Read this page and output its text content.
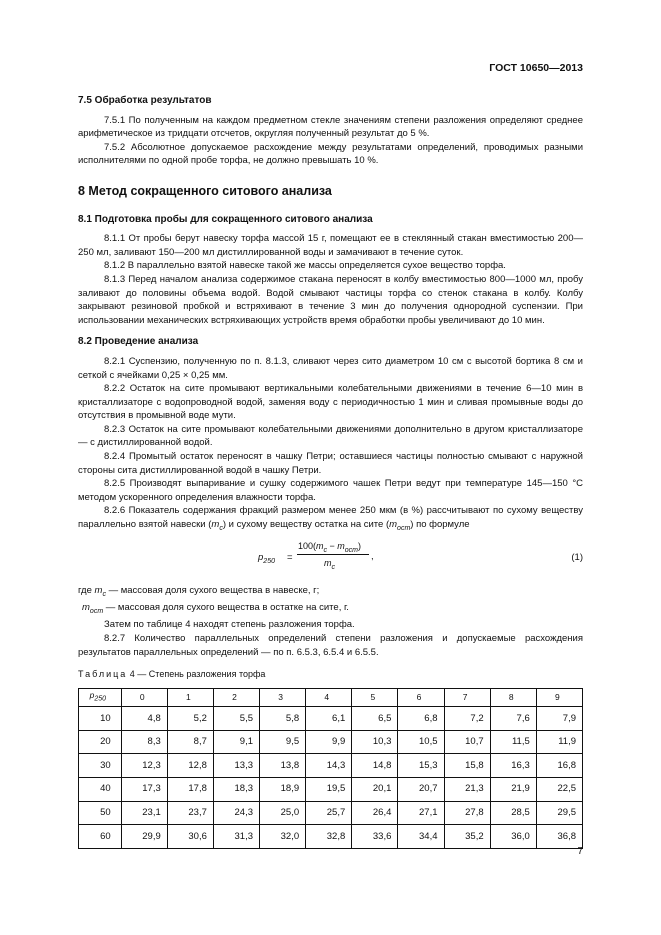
ГОСТ 10650—2013
7.5 Обработка результатов

7.5.1 По полученным на каждом предметном стекле значениям степени разложения определяют среднее арифметическое из тридцати отсчетов, округляя полученный результат до 5 %.

7.5.2 Абсолютное допускаемое расхождение между результатами определений, проводимых разными исполнителями по одной пробе торфа, не должно превышать 10 %.

8 Метод сокращенного ситового анализа
8.1 Подготовка пробы для сокращенного ситового анализа

8.1.1 От пробы берут навеску торфа массой 15 г, помещают ее в стеклянный стакан вместимостью 200—250 мл, заливают 150—200 мл дистиллированной воды и замачивают в течение суток.

8.1.2 В параллельно взятой навеске такой же массы определяется сухое вещество торфа.

8.1.3 Перед началом анализа содержимое стакана переносят в колбу вместимостью 800—1000 мл, пробу заливают до половины объема водой. Водой смывают частицы торфа со стенок стакана в колбу. Колбу закрывают резиновой пробкой и встряхивают в течение 3 мин до получения однородной суспензии. При использовании механических встряхивающих устройств время обработки пробы увеличивают до 10 мин.

8.2 Проведение анализа

8.2.1 Суспензию, полученную по п. 8.1.3, сливают через сито диаметром 10 см с высотой бортика 8 см и сеткой с ячейками 0,25 × 0,25 мм.

8.2.2 Остаток на сите промывают вертикальными колебательными движениями в течение 6—10 мин в кристаллизаторе с водопроводной водой, заменяя воду с периодичностью 1 мин и сливая промывные воды до отсутствия в промывной воде мути.

8.2.3 Остаток на сите промывают колебательными движениями дополнительно в другом кристаллизаторе — с дистиллированной водой.

8.2.4 Промытый остаток переносят в чашку Петри; оставшиеся частицы полностью смывают с наружной стороны сита дистиллированной водой в чашку Петри.

8.2.5 Производят выпаривание и сушку содержимого чашек Петри ведут при температуре 145—150 °С методом ускоренного определения влажности торфа.

8.2.6 Показатель содержания фракций размером менее 250 мкм (в %) рассчитывают по сухому веществу параллельно взятой навески $(m_c)$ и сухому веществу остатка на сите $(m_{ост})$ по формуле

$p_{250}$ =
$100(m_c - m_{ост})$
$m_c$
,	(1)
где $m_c$ — массовая доля сухого вещества в навеске, г;
$m_{ост}$ — массовая доля сухого вещества в остатке на сите, г.

Затем по таблице 4 находят степень разложения торфа.

8.2.7 Количество параллельных определений степени разложения и допускаемые расхождения результатов параллельных определений — по п. 6.5.3, 6.5.4 и 6.5.5.

Таблица 4 — Степень разложения торфа
$p_{250}$	0	1	2	3	4	5	6	7	8	9
10	4,8	5,2	5,5	5,8	6,1	6,5	6,8	7,2	7,6	7,9
20	8,3	8,7	9,1	9,5	9,9	10,3	10,5	10,7	11,5	11,9
30	12,3	12,8	13,3	13,8	14,3	14,8	15,3	15,8	16,3	16,8
40	17,3	17,8	18,3	18,9	19,5	20,1	20,7	21,3	21,9	22,5
50	23,1	23,7	24,3	25,0	25,7	26,4	27,1	27,8	28,5	29,5
60	29,9	30,6	31,3	32,0	32,8	33,6	34,4	35,2	36,0	36,8
7
